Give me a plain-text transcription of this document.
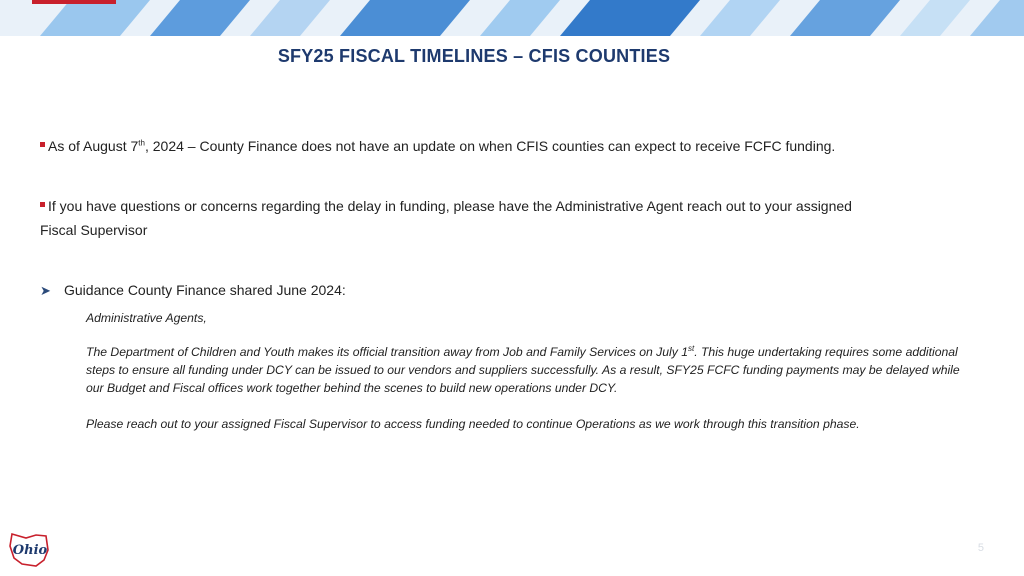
SFY25 FISCAL TIMELINES – CFIS COUNTIES
As of August 7th, 2024 – County Finance does not have an update on when CFIS counties can expect to receive FCFC funding.
If you have questions or concerns regarding the delay in funding, please have the Administrative Agent reach out to your assigned
Fiscal Supervisor
➤ Guidance County Finance shared June 2024:
Administrative Agents,
The Department of Children and Youth makes its official transition away from Job and Family Services on July 1st. This huge undertaking requires some additional steps to ensure all funding under DCY can be issued to our vendors and suppliers successfully. As a result, SFY25 FCFC funding payments may be delayed while our Budget and Fiscal offices work together behind the scenes to build new operations under DCY.
Please reach out to your assigned Fiscal Supervisor to access funding needed to continue Operations as we work through this transition phase.
Ohio	5
